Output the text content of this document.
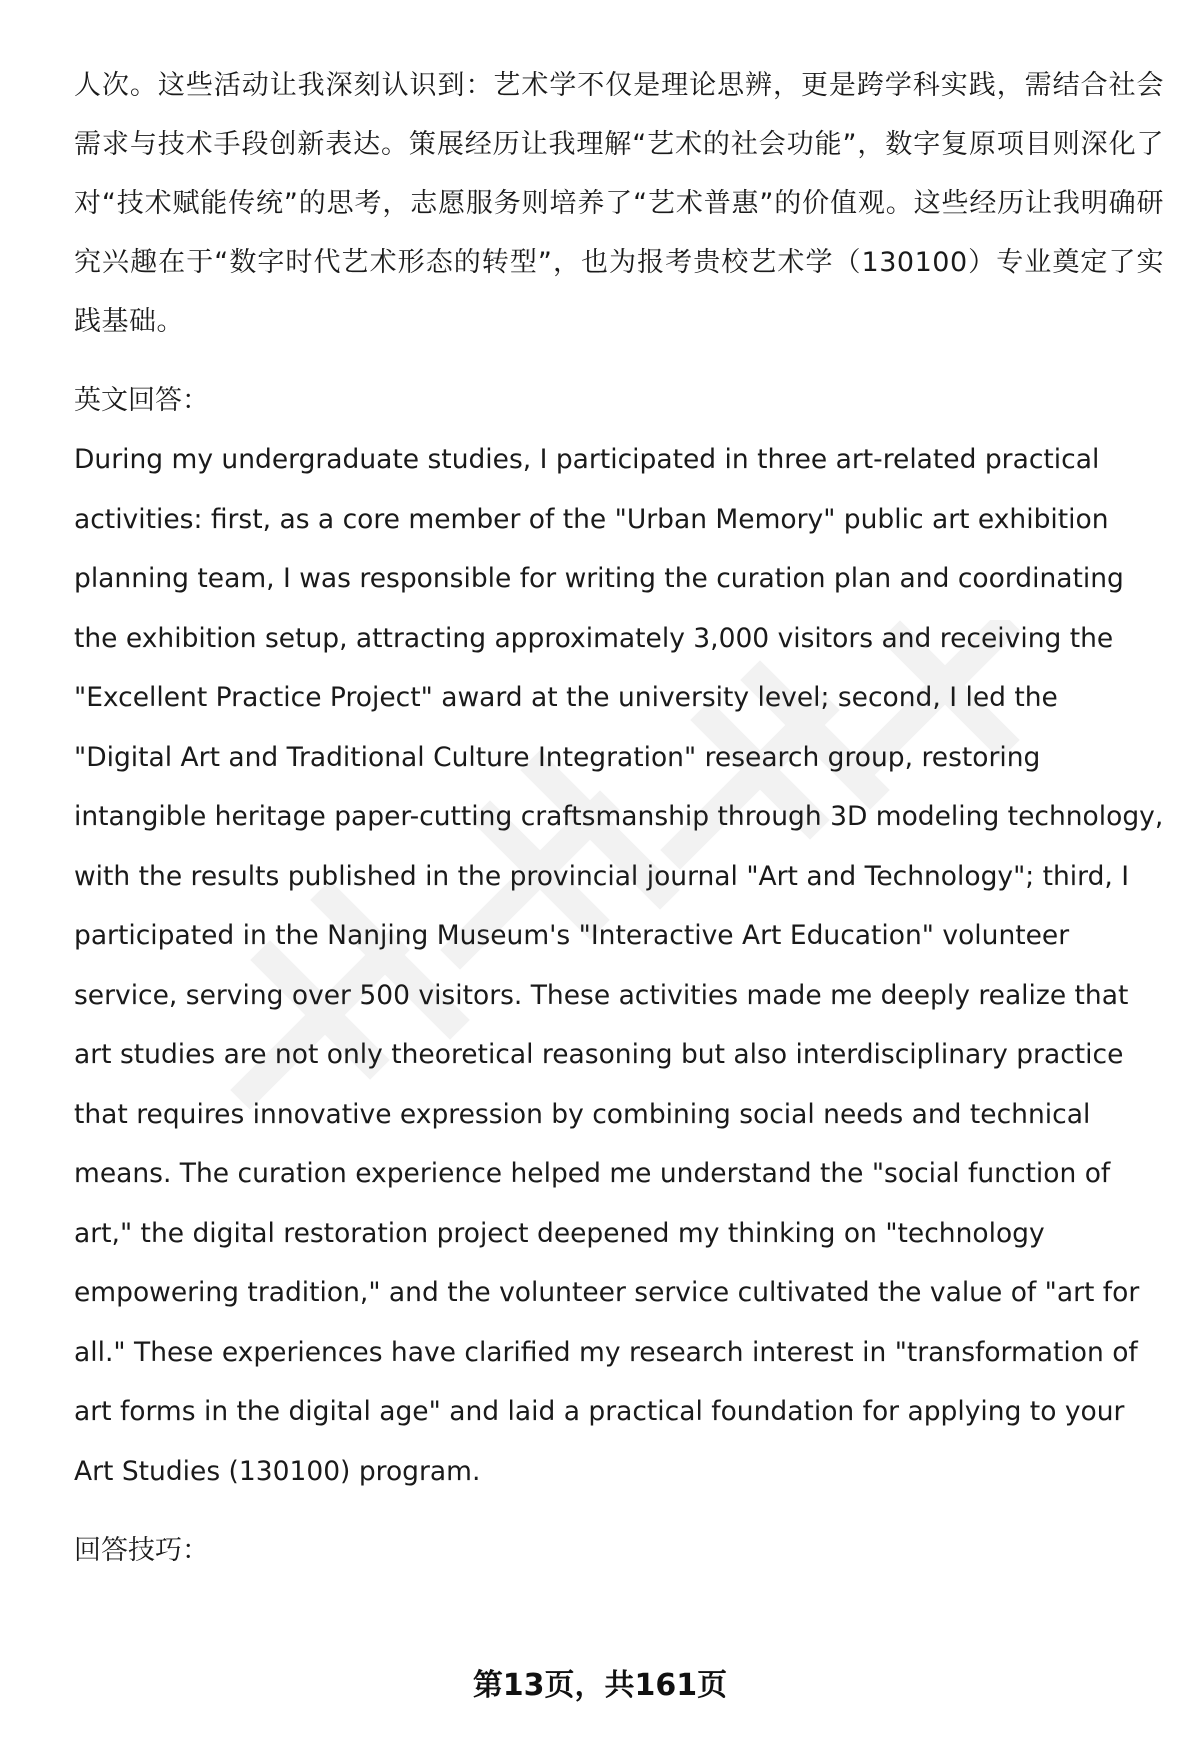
人次。这些活动让我深刻认识到：艺术学不仅是理论思辨，更是跨学科实践，需结合社会需求与技术手段创新表达。策展经历让我理解“艺术的社会功能”，数字复原项目则深化了对“技术赋能传统”的思考，志愿服务则培养了“艺术普惠”的价值观。这些经历让我明确研究兴趣在于“数字时代艺术形态的转型”，也为报考贵校艺术学（130100）专业奠定了实践基础。

英文回答：

During my undergraduate studies, I participated in three art-related practical activities: first, as a core member of the "Urban Memory" public art exhibition planning team, I was responsible for writing the curation plan and coordinating the exhibition setup, attracting approximately 3,000 visitors and receiving the "Excellent Practice Project" award at the university level; second, I led the "Digital Art and Traditional Culture Integration" research group, restoring intangible heritage paper-cutting craftsmanship through 3D modeling technology, with the results published in the provincial journal "Art and Technology"; third, I participated in the Nanjing Museum's "Interactive Art Education" volunteer service, serving over 500 visitors. These activities made me deeply realize that art studies are not only theoretical reasoning but also interdisciplinary practice that requires innovative expression by combining social needs and technical means. The curation experience helped me understand the "social function of art," the digital restoration project deepened my thinking on "technology empowering tradition," and the volunteer service cultivated the value of "art for all." These experiences have clarified my research interest in "transformation of art forms in the digital age" and laid a practical foundation for applying to your Art Studies (130100) program.

回答技巧：

第13页，共161页
